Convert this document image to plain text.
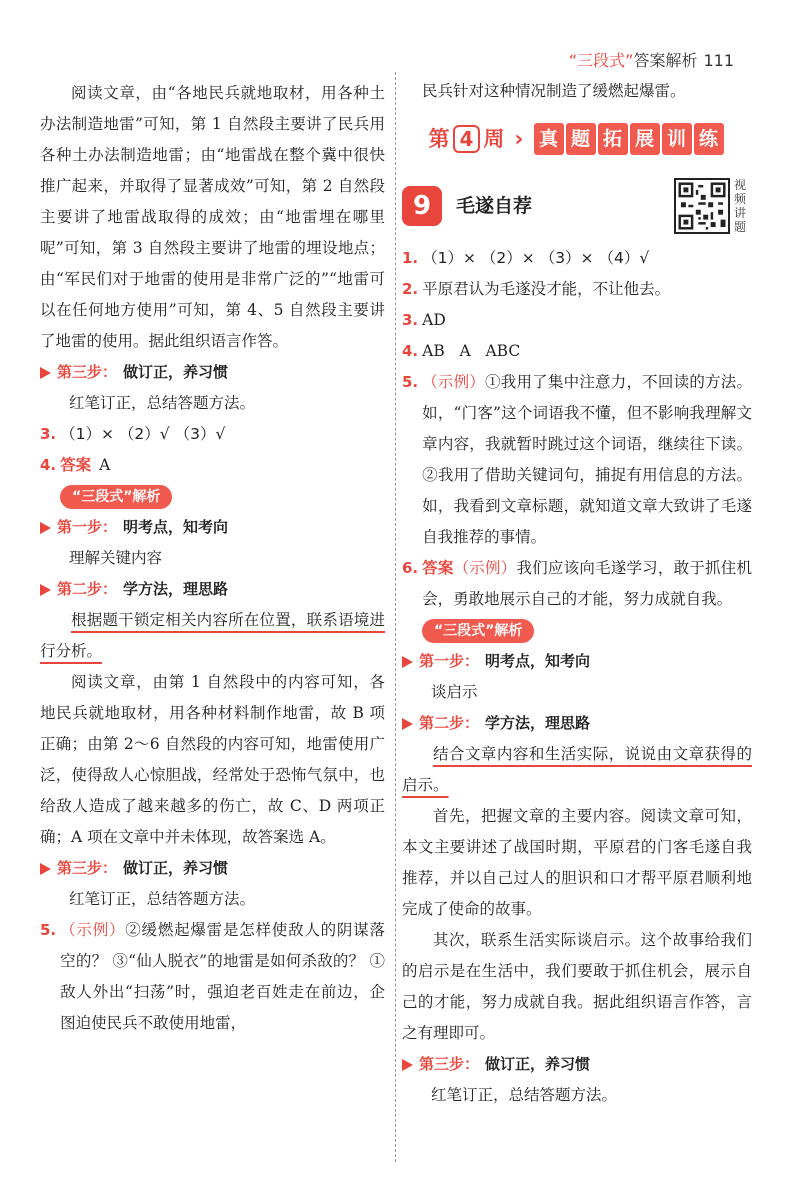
“三段式”答案解析 111
阅读文章，由“各地民兵就地取材，用各种土办法制造地雷”可知，第 1 自然段主要讲了民兵用各种土办法制造地雷；由“地雷战在整个冀中很快推广起来，并取得了显著成效”可知，第 2 自然段主要讲了地雷战取得的成效；由“地雷埋在哪里呢”可知，第 3 自然段主要讲了地雷的埋设地点；由“军民们对于地雷的使用是非常广泛的”“地雷可以在任何地方使用”可知，第 4、5 自然段主要讲了地雷的使用。据此组织语言作答。
第三步： 做订正，养习惯
红笔订正，总结答题方法。
3. （1）× （2）√ （3）√
4. 答案 A
“三段式”解析
第一步： 明考点，知考向
理解关键内容
第二步： 学方法，理思路
根据题干锁定相关内容所在位置，联系语境进行分析。
阅读文章，由第 1 自然段中的内容可知，各地民兵就地取材，用各种材料制作地雷，故 B 项正确；由第 2～6 自然段的内容可知，地雷使用广泛，使得敌人心惊胆战，经常处于恐怖气氛中，也给敌人造成了越来越多的伤亡，故 C、D 两项正确；A 项在文章中并未体现，故答案选 A。
第三步： 做订正，养习惯
红笔订正，总结答题方法。
5. （示例）②缓燃起爆雷是怎样使敌人的阴谋落空的？ ③“仙人脱衣”的地雷是如何杀敌的？ ① 敌人外出“扫荡”时，强迫老百姓走在前边，企图迫使民兵不敢使用地雷，
民兵针对这种情况制造了缓燃起爆雷。
第 4 周 › 真 题 拓 展 训 练
9	毛遂自荐
视频讲题
1. （1）× （2）× （3）× （4）√
2. 平原君认为毛遂没才能，不让他去。
3. AD
4. AB   A   ABC
5. （示例）①我用了集中注意力，不回读的方法。如，“门客”这个词语我不懂，但不影响我理解文章内容，我就暂时跳过这个词语，继续往下读。②我用了借助关键词句，捕捉有用信息的方法。如，我看到文章标题，就知道文章大致讲了毛遂自我推荐的事情。
6. 答案（示例）我们应该向毛遂学习，敢于抓住机会，勇敢地展示自己的才能，努力成就自我。
“三段式”解析
第一步： 明考点，知考向
谈启示
第二步： 学方法，理思路
结合文章内容和生活实际，说说由文章获得的启示。
首先，把握文章的主要内容。阅读文章可知，本文主要讲述了战国时期，平原君的门客毛遂自我推荐，并以自己过人的胆识和口才帮平原君顺利地完成了使命的故事。
其次，联系生活实际谈启示。这个故事给我们的启示是在生活中，我们要敢于抓住机会，展示自己的才能，努力成就自我。据此组织语言作答，言之有理即可。
第三步： 做订正，养习惯
红笔订正，总结答题方法。
